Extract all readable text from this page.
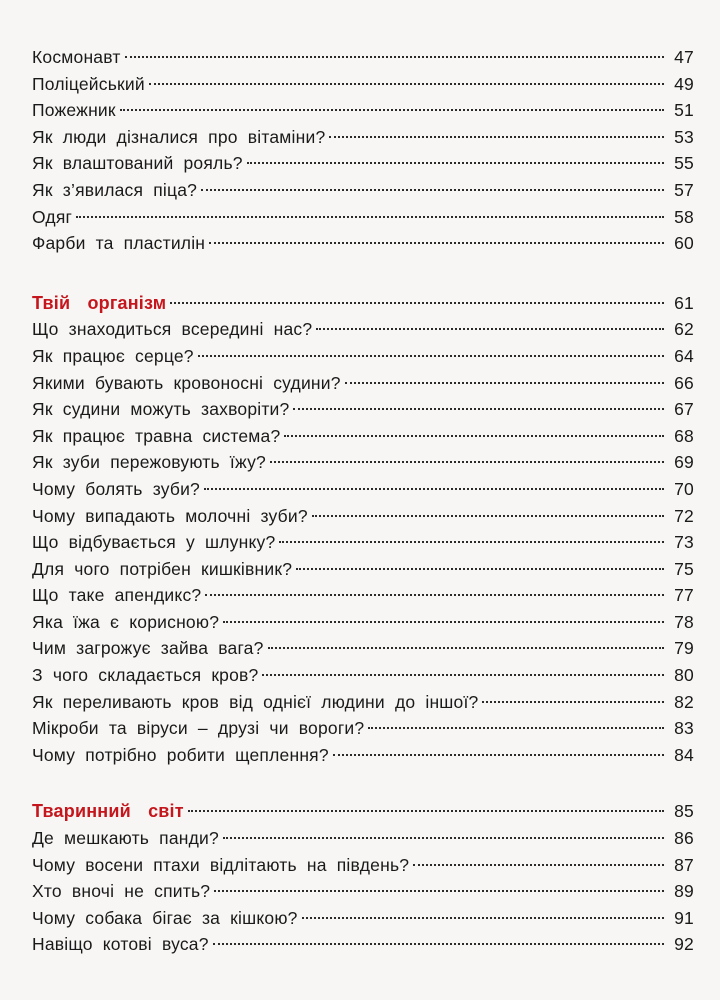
Космонавт	47
Поліцейський	49
Пожежник	51
Як люди дізналися про вітаміни?	53
Як влаштований рояль?	55
Як з’явилася піца?	57
Одяг	58
Фарби та пластилін	60
Твій організм	61
Що знаходиться всередині нас?	62
Як працює серце?	64
Якими бувають кровоносні судини?	66
Як судини можуть захворіти?	67
Як працює травна система?	68
Як зуби пережовують їжу?	69
Чому болять зуби?	70
Чому випадають молочні зуби?	72
Що відбувається у шлунку?	73
Для чого потрібен кишківник?	75
Що таке апендикс?	77
Яка їжа є корисною?	78
Чим загрожує зайва вага?	79
З чого складається кров?	80
Як переливають кров від однієї людини до іншої?	82
Мікроби та віруси – друзі чи вороги?	83
Чому потрібно робити щеплення?	84
Тваринний світ	85
Де мешкають панди?	86
Чому восени птахи відлітають на південь?	87
Хто вночі не спить?	89
Чому собака бігає за кішкою?	91
Навіщо котові вуса?	92
